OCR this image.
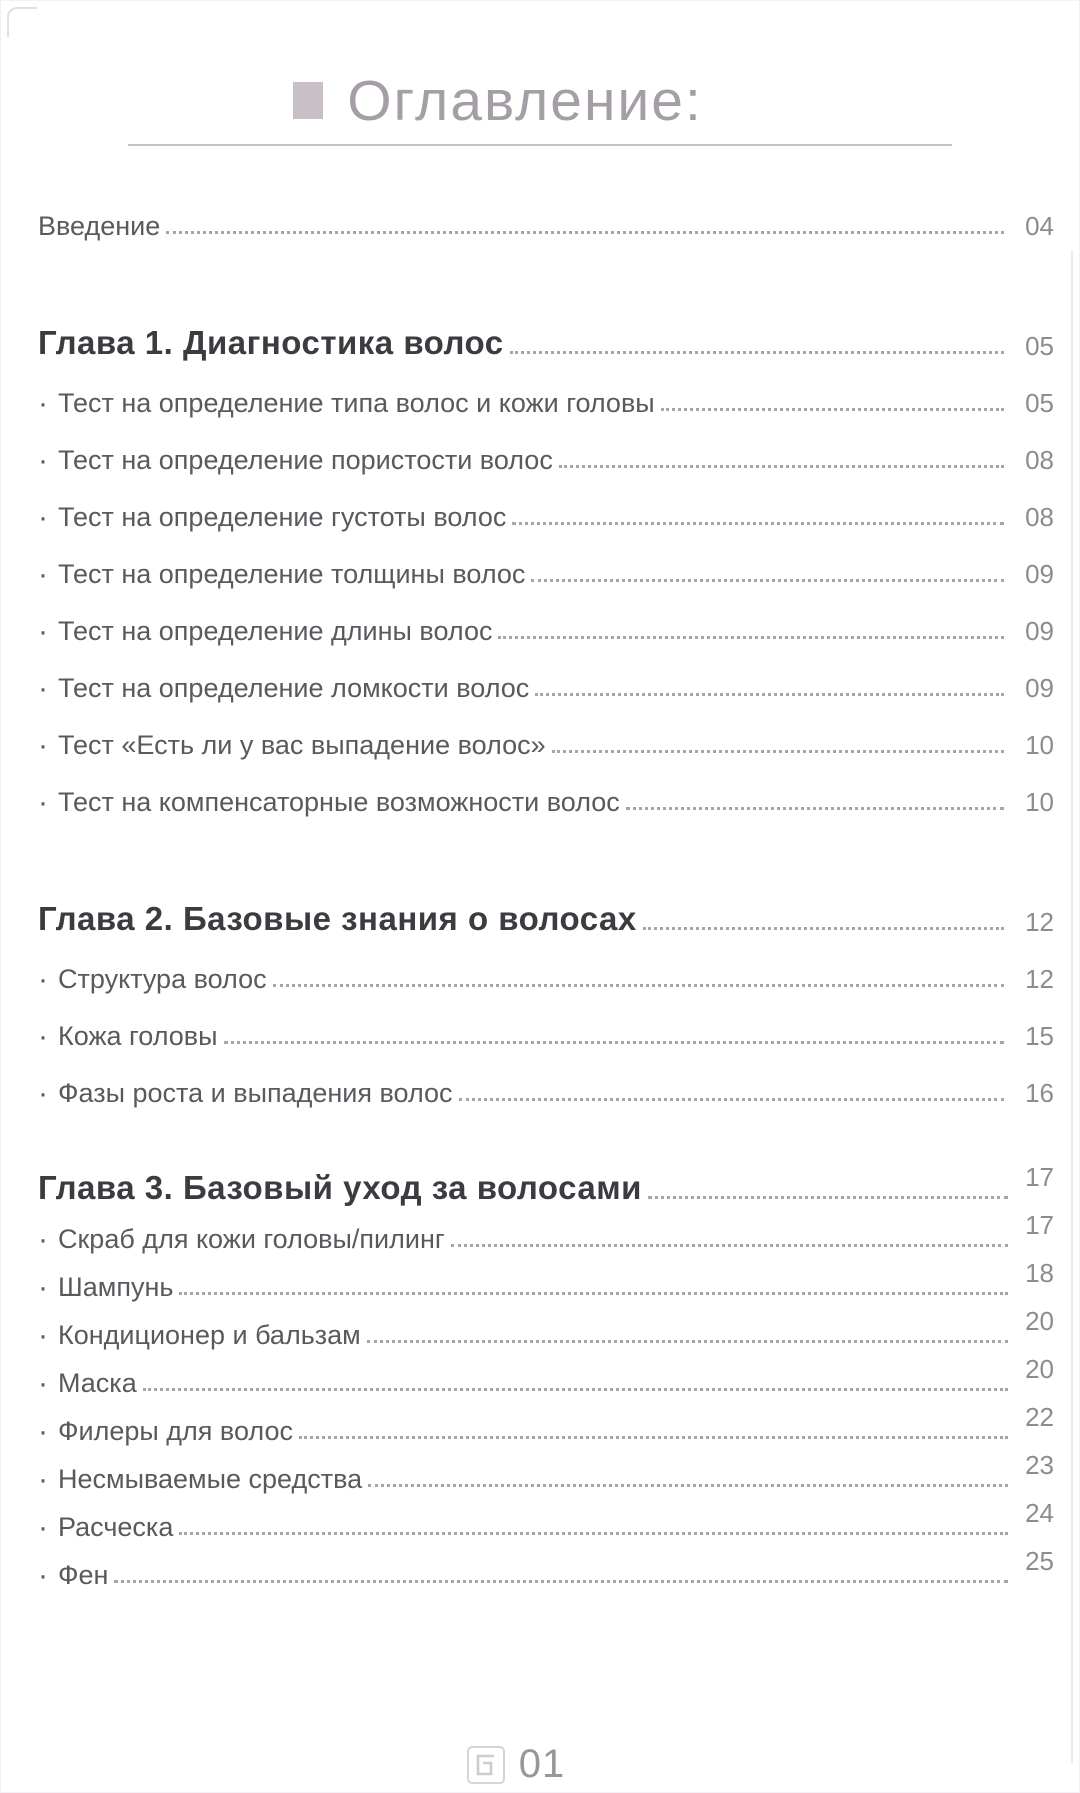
Оглавление:
Введение	04
Глава 1. Диагностика волос	05
· Тест на определение типа волос и кожи головы	05
· Тест на определение пористости волос	08
· Тест на определение густоты волос	08
· Тест на определение толщины волос	09
· Тест на определение длины волос	09
· Тест на определение ломкости волос	09
· Тест «Есть ли у вас выпадение волос»	10
· Тест на компенсаторные возможности волос	10
Глава 2. Базовые знания о волосах	12
· Структура волос	12
· Кожа головы	15
· Фазы роста и выпадения волос	16
Глава 3. Базовый уход за волосами	17
· Скраб для кожи головы/пилинг	17
· Шампунь	18
· Кондиционер и бальзам	20
· Маска	20
· Филеры для волос	22
· Несмываемые средства	23
· Расческа	24
· Фен	25
01
